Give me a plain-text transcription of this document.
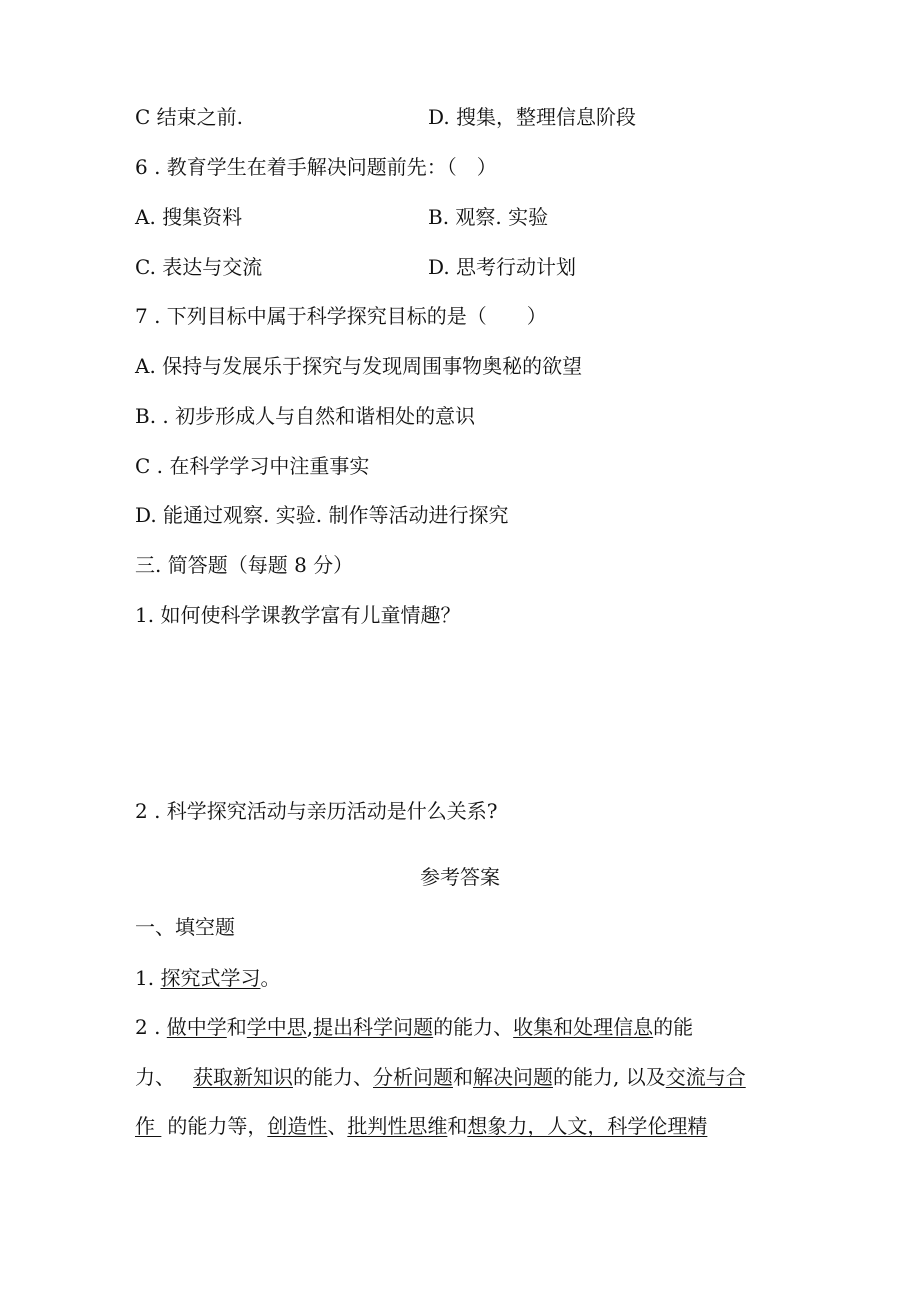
C 结束之前.	D. 搜集，整理信息阶段
6 . 教育学生在着手解决问题前先：（　）
A. 搜集资料	B. 观察. 实验
C. 表达与交流	D. 思考行动计划
7 . 下列目标中属于科学探究目标的是（　　）
A. 保持与发展乐于探究与发现周围事物奥秘的欲望
B. . 初步形成人与自然和谐相处的意识
C . 在科学学习中注重事实
D. 能通过观察. 实验. 制作等活动进行探究
三. 简答题（每题 8 分）
1. 如何使科学课教学富有儿童情趣？
2 . 科学探究活动与亲历活动是什么关系?
参考答案
一、填空题
1. 探究式学习。
2 . 做中学和学中思,提出科学问题的能力、收集和处理信息的能
力、 获取新知识的能力、分析问题和解决问题的能力, 以及交流与合
作 的能力等，创造性、批判性思维和想象力，人文，科学伦理精
